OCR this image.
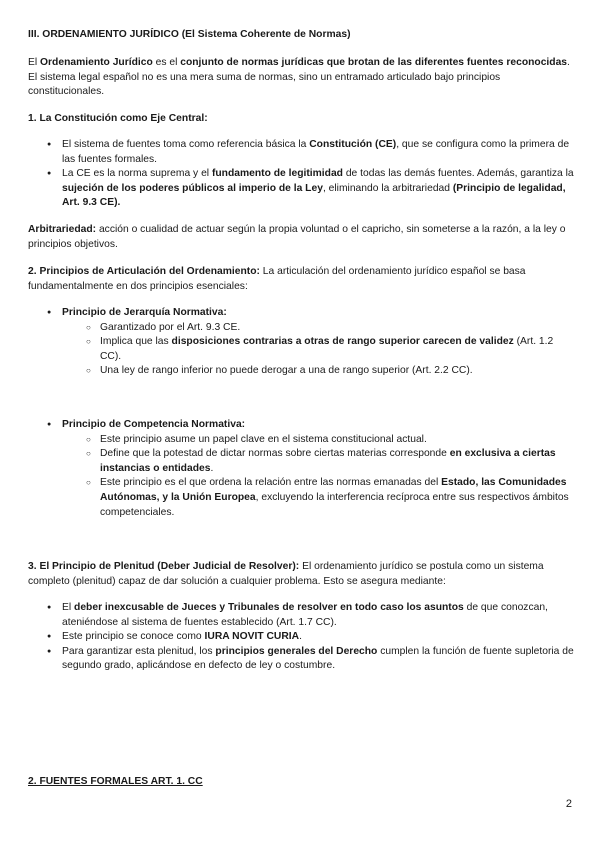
III. ORDENAMIENTO JURÍDICO (El Sistema Coherente de Normas)

El Ordenamiento Jurídico es el conjunto de normas jurídicas que brotan de las diferentes fuentes reconocidas. El sistema legal español no es una mera suma de normas, sino un entramado articulado bajo principios constitucionales.

1. La Constitución como Eje Central:

● El sistema de fuentes toma como referencia básica la Constitución (CE), que se configura como la primera de las fuentes formales.
● La CE es la norma suprema y el fundamento de legitimidad de todas las demás fuentes. Además, garantiza la sujeción de los poderes públicos al imperio de la Ley, eliminando la arbitrariedad (Principio de legalidad, Art. 9.3 CE).

Arbitrariedad: acción o cualidad de actuar según la propia voluntad o el capricho, sin someterse a la razón, a la ley o principios objetivos.

2. Principios de Articulación del Ordenamiento: La articulación del ordenamiento jurídico español se basa fundamentalmente en dos principios esenciales:

● Principio de Jerarquía Normativa:
○ Garantizado por el Art. 9.3 CE.
○ Implica que las disposiciones contrarias a otras de rango superior carecen de validez (Art. 1.2 CC).
○ Una ley de rango inferior no puede derogar a una de rango superior (Art. 2.2 CC).
● Principio de Competencia Normativa:
○ Este principio asume un papel clave en el sistema constitucional actual.
○ Define que la potestad de dictar normas sobre ciertas materias corresponde en exclusiva a ciertas instancias o entidades.
○ Este principio es el que ordena la relación entre las normas emanadas del Estado, las Comunidades Autónomas, y la Unión Europea, excluyendo la interferencia recíproca entre sus respectivos ámbitos competenciales.

3. El Principio de Plenitud (Deber Judicial de Resolver): El ordenamiento jurídico se postula como un sistema completo (plenitud) capaz de dar solución a cualquier problema. Esto se asegura mediante:

● El deber inexcusable de Jueces y Tribunales de resolver en todo caso los asuntos de que conozcan, ateniéndose al sistema de fuentes establecido (Art. 1.7 CC).
● Este principio se conoce como IURA NOVIT CURIA.
● Para garantizar esta plenitud, los principios generales del Derecho cumplen la función de fuente supletoria de segundo grado, aplicándose en defecto de ley o costumbre.

2. FUENTES FORMALES ART. 1. CC

2
